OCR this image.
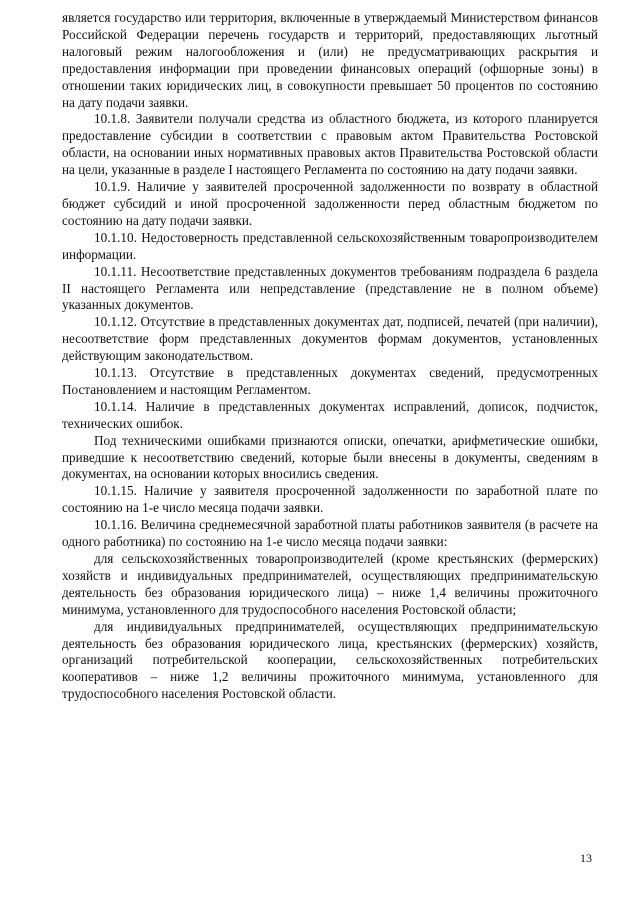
является государство или территория, включенные в утверждаемый Министерством финансов Российской Федерации перечень государств и территорий, предоставляющих льготный налоговый режим налогообложения и (или) не предусматривающих раскрытия и предоставления информации при проведении финансовых операций (офшорные зоны) в отношении таких юридических лиц, в совокупности превышает 50 процентов по состоянию на дату подачи заявки.

10.1.8. Заявители получали средства из областного бюджета, из которого планируется предоставление субсидии в соответствии с правовым актом Правительства Ростовской области, на основании иных нормативных правовых актов Правительства Ростовской области на цели, указанные в разделе I настоящего Регламента по состоянию на дату подачи заявки.

10.1.9. Наличие у заявителей просроченной задолженности по возврату в областной бюджет субсидий и иной просроченной задолженности перед областным бюджетом по состоянию на дату подачи заявки.

10.1.10. Недостоверность представленной сельскохозяйственным товаропроизводителем информации.

10.1.11. Несоответствие представленных документов требованиям подраздела 6 раздела II настоящего Регламента или непредставление (представление не в полном объеме) указанных документов.

10.1.12. Отсутствие в представленных документах дат, подписей, печатей (при наличии), несоответствие форм представленных документов формам документов, установленных действующим законодательством.

10.1.13. Отсутствие в представленных документах сведений, предусмотренных Постановлением и настоящим Регламентом.

10.1.14. Наличие в представленных документах исправлений, дописок, подчисток, технических ошибок.

Под техническими ошибками признаются описки, опечатки, арифметические ошибки, приведшие к несоответствию сведений, которые были внесены в документы, сведениям в документах, на основании которых вносились сведения.

10.1.15. Наличие у заявителя просроченной задолженности по заработной плате по состоянию на 1-е число месяца подачи заявки.

10.1.16. Величина среднемесячной заработной платы работников заявителя (в расчете на одного работника) по состоянию на 1-е число месяца подачи заявки:

для сельскохозяйственных товаропроизводителей (кроме крестьянских (фермерских) хозяйств и индивидуальных предпринимателей, осуществляющих предпринимательскую деятельность без образования юридического лица) – ниже 1,4 величины прожиточного минимума, установленного для трудоспособного населения Ростовской области;

для индивидуальных предпринимателей, осуществляющих предпринимательскую деятельность без образования юридического лица, крестьянских (фермерских) хозяйств, организаций потребительской кооперации, сельскохозяйственных потребительских кооперативов – ниже 1,2 величины прожиточного минимума, установленного для трудоспособного населения Ростовской области.

13
